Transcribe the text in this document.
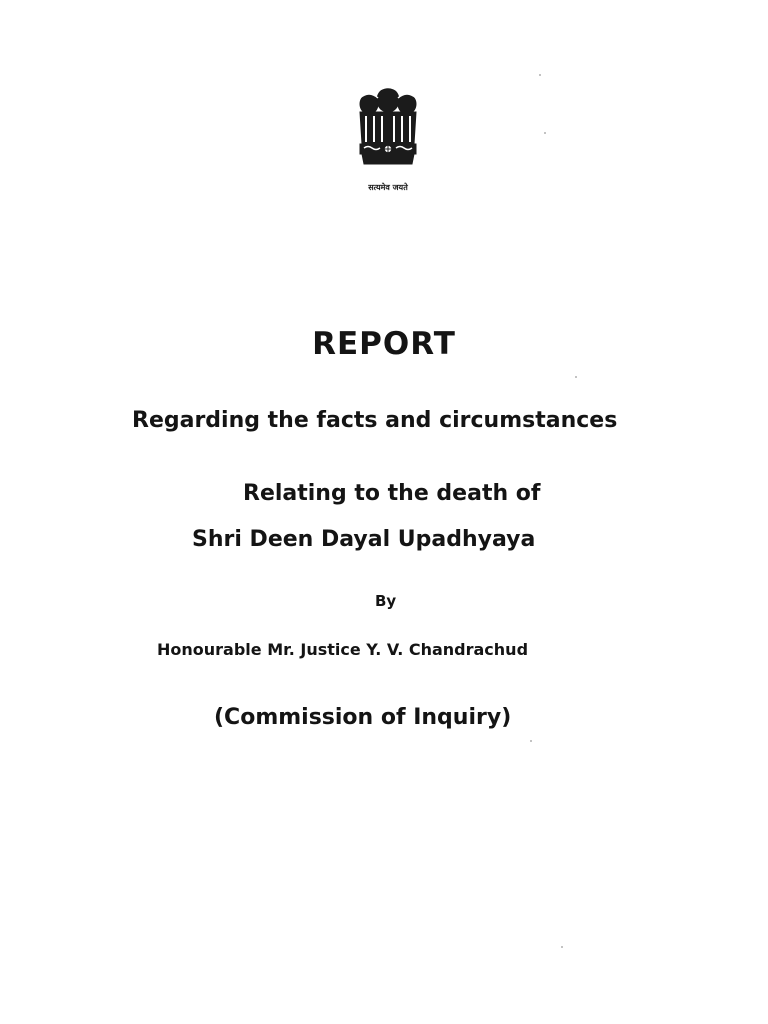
सत्यमेव जयते
REPORT
Regarding the facts and circumstances
Relating to the death of
Shri Deen Dayal Upadhyaya
By
Honourable Mr. Justice Y. V. Chandrachud
(Commission of Inquiry)
